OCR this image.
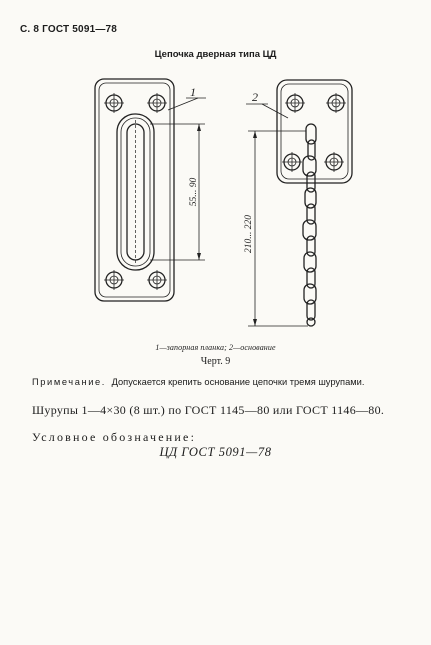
С. 8 ГОСТ 5091—78
Цепочка дверная типа ЦД
1
55... 90
2
210... 220
1—запорная планка; 2—основание
Черт. 9
Примечание. Допускается крепить основание цепочки тремя шурупами.
Шурупы 1—4×30 (8 шт.) по ГОСТ 1145—80 или ГОСТ 1146—80.
Условное обозначение:
ЦД ГОСТ 5091—78
